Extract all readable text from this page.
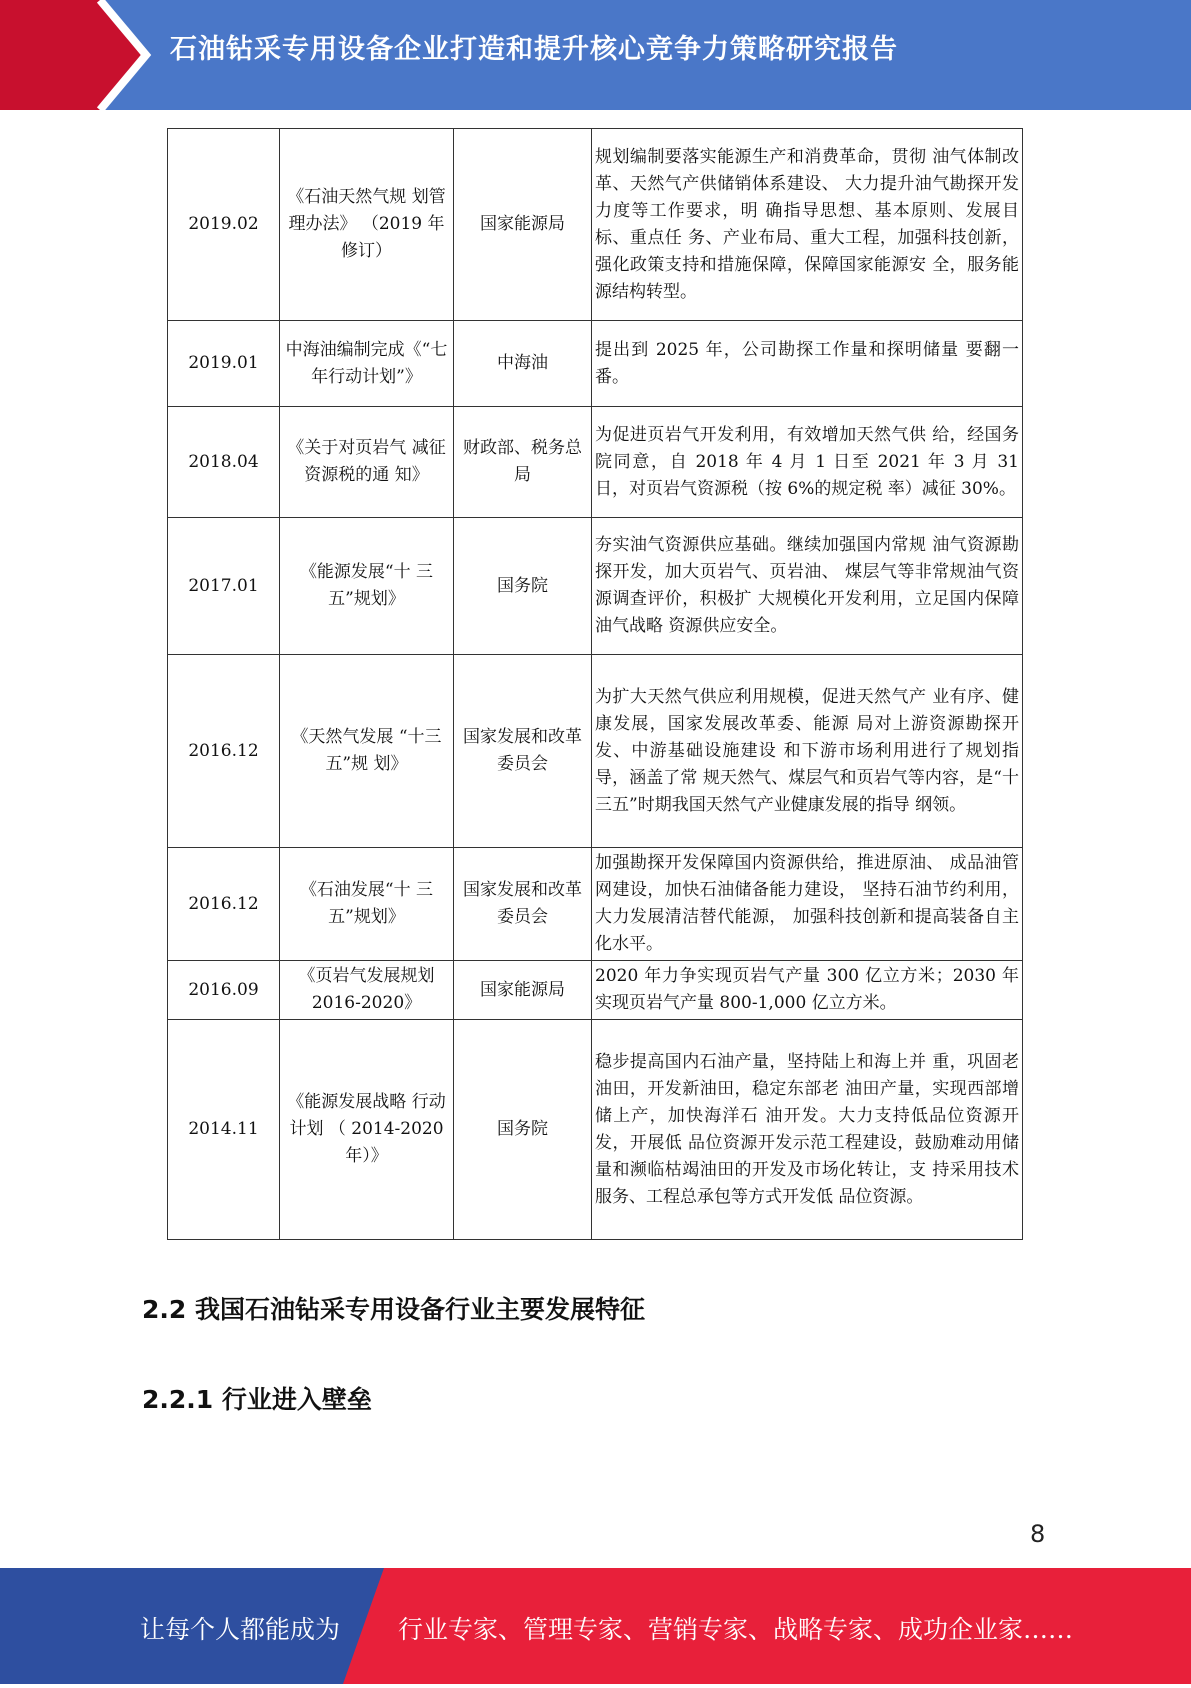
石油钻采专用设备企业打造和提升核心竞争力策略研究报告
2019.02	《石油天然气规 划管理办法》 （2019 年修订）	国家能源局	规划编制要落实能源生产和消费革命，贯彻 油气体制改革、天然气产供储销体系建设、 大力提升油气勘探开发力度等工作要求，明 确指导思想、基本原则、发展目标、重点任 务、产业布局、重大工程，加强科技创新， 强化政策支持和措施保障，保障国家能源安 全，服务能源结构转型。
2019.01	中海油编制完成《“七年行动计划”》	中海油	提出到 2025 年，公司勘探工作量和探明储量 要翻一番。
2018.04	《关于对页岩气 减征资源税的通 知》	财政部、税务总局	为促进页岩气开发利用，有效增加天然气供 给，经国务院同意，自 2018 年 4 月 1 日至 2021 年 3 月 31 日，对页岩气资源税（按 6%的规定税 率）减征 30%。
2017.01	《能源发展“十 三五”规划》	国务院	夯实油气资源供应基础。继续加强国内常规 油气资源勘探开发，加大页岩气、页岩油、 煤层气等非常规油气资源调查评价，积极扩 大规模化开发利用，立足国内保障油气战略 资源供应安全。
2016.12	《天然气发展 “十三五”规 划》	国家发展和改革委员会	为扩大天然气供应利用规模，促进天然气产 业有序、健康发展，国家发展改革委、能源 局对上游资源勘探开发、中游基础设施建设 和下游市场利用进行了规划指导，涵盖了常 规天然气、煤层气和页岩气等内容，是“十 三五”时期我国天然气产业健康发展的指导 纲领。
2016.12	《石油发展“十 三五”规划》	国家发展和改革委员会	加强勘探开发保障国内资源供给，推进原油、 成品油管网建设，加快石油储备能力建设， 坚持石油节约利用，大力发展清洁替代能源， 加强科技创新和提高装备自主化水平。
2016.09	《页岩气发展规划 2016-2020》	国家能源局	2020 年力争实现页岩气产量 300 亿立方米；2030 年实现页岩气产量 800-1,000 亿立方米。
2014.11	《能源发展战略 行动计划 （ 2014-2020 年）》	国务院	稳步提高国内石油产量，坚持陆上和海上并 重，巩固老油田，开发新油田，稳定东部老 油田产量，实现西部增储上产，加快海洋石 油开发。大力支持低品位资源开发，开展低 品位资源开发示范工程建设，鼓励难动用储 量和濒临枯竭油田的开发及市场化转让，支 持采用技术服务、工程总承包等方式开发低 品位资源。
2.2 我国石油钻采专用设备行业主要发展特征
2.2.1 行业进入壁垒
8
让每个人都能成为 行业专家、管理专家、营销专家、战略专家、成功企业家……
